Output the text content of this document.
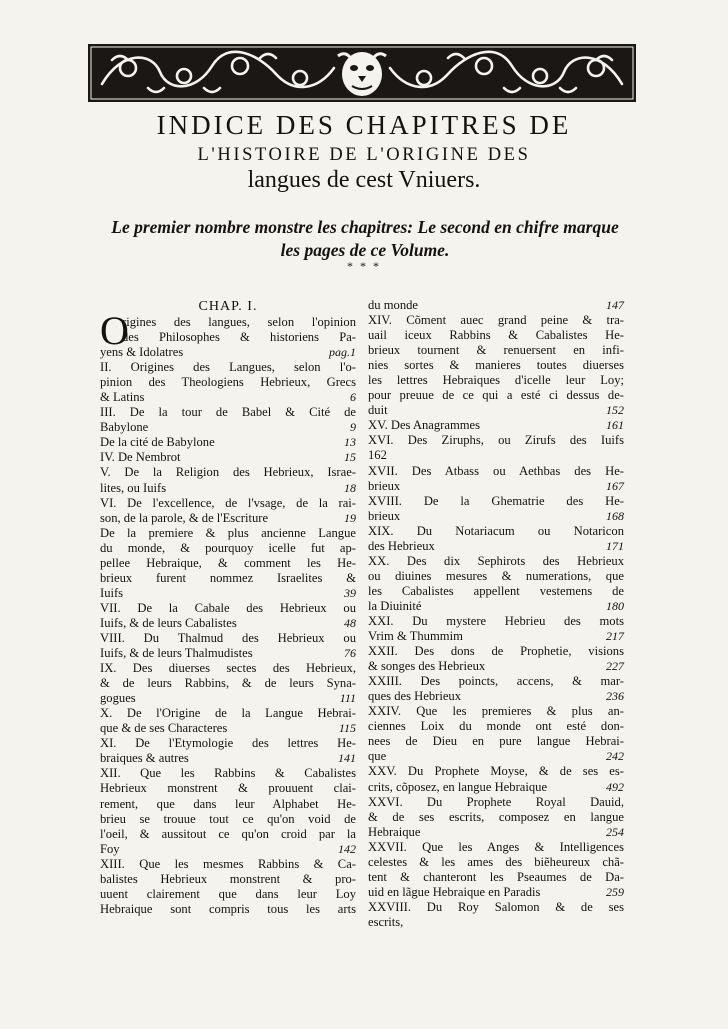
INDICE DES CHAPITRES DE
L'HISTOIRE DE L'ORIGINE DES
langues de cest Vniuers.
Le premier nombre monstre les chapitres: Le second en chifre marque les pages de ce Volume.
* * *
O
CHAP. I.
rigines des langues, selon l'opinion
des Philosophes & historiens Pa-
yens & Idolatres	pag.1
II. Origines des Langues, selon l'o-
pinion des Theologiens Hebrieux, Grecs
& Latins	6
III. De la tour de Babel & Cité de
Babylone	9
De la cité de Babylone	13
IV. De Nembrot	15
V. De la Religion des Hebrieux, Israe-
lites, ou Iuifs	18
VI. De l'excellence, de l'vsage, de la rai-
son, de la parole, & de l'Escriture	19
De la premiere & plus ancienne Langue
du monde, & pourquoy icelle fut ap-
pellee Hebraique, & comment les He-
brieux furent nommez Israelites &
Iuifs	39
VII. De la Cabale des Hebrieux ou
Iuifs, & de leurs Cabalistes	48
VIII. Du Thalmud des Hebrieux ou
Iuifs, & de leurs Thalmudistes	76
IX. Des diuerses sectes des Hebrieux,
& de leurs Rabbins, & de leurs Syna-
gogues	111
X. De l'Origine de la Langue Hebrai-
que & de ses Characteres	115
XI. De l'Etymologie des lettres He-
braiques & autres	141
XII. Que les Rabbins & Cabalistes
Hebrieux monstrent & prouuent clai-
rement, que dans leur Alphabet He-
brieu se trouue tout ce qu'on void de
l'oeil, & aussitout ce qu'on croid par la
Foy	142
XIII. Que les mesmes Rabbins & Ca-
balistes Hebrieux monstrent & pro-
uuent clairement que dans leur Loy
Hebraique sont compris tous les arts
du monde	147
XIV. Cõment auec grand peine & tra-
uail iceux Rabbins & Cabalistes He-
brieux tournent & renuersent en infi-
nies sortes & manieres toutes diuerses
les lettres Hebraiques d'icelle leur Loy;
pour preuue de ce qui a esté ci dessus de-
duit	152
XV. Des Anagrammes	161
XVI. Des Ziruphs, ou Zirufs des Iuifs
162
XVII. Des Atbass ou Aethbas des He-
brieux	167
XVIII. De la Ghematrie des He-
brieux	168
XIX. Du Notariacum ou Notaricon
des Hebrieux	171
XX. Des dix Sephirots des Hebrieux
ou diuines mesures & numerations, que
les Cabalistes appellent vestemens de
la Diuinité	180
XXI. Du mystere Hebrieu des mots
Vrim & Thummim	217
XXII. Des dons de Prophetie, visions
& songes des Hebrieux	227
XXIII. Des poincts, accens, & mar-
ques des Hebrieux	236
XXIV. Que les premieres & plus an-
ciennes Loix du monde ont esté don-
nees de Dieu en pure langue Hebrai-
que	242
XXV. Du Prophete Moyse, & de ses es-
crits, cõposez, en langue Hebraique	492
XXVI. Du Prophete Royal Dauid,
& de ses escrits, composez en langue
Hebraique	254
XXVII. Que les Anges & Intelligences
celestes & les ames des biẽheureux chã-
tent & chanteront les Pseaumes de Da-
uid en lãgue Hebraique en Paradis	259
XXVIII. Du Roy Salomon & de ses
escrits,
